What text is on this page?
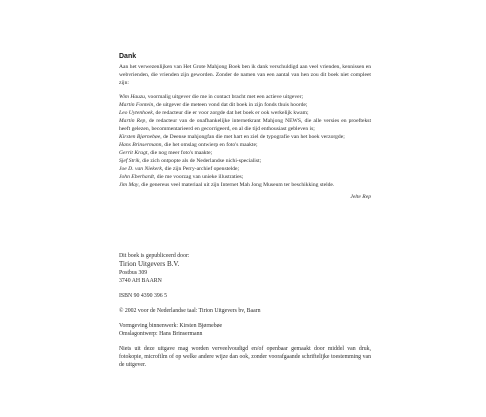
Dank

Aan het verwezenlijken van Het Grote Mahjong Boek ben ik dank verschuldigd aan veel vrienden, kennissen en webvrienden, die vrienden zijn geworden. Zonder de namen van een aantal van hen zou dit boek niet compleet zijn:

Wim Hauzu, voormalig uitgever die me in contact bracht met een actieve uitgever;
Martin Fontein, de uitgever die meteen vond dat dit boek in zijn fonds thuis hoorde;
Leo Uytenhoek, de redacteur die er voor zorgde dat het boek er ook werkelijk kwam;
Martin Rep, de redacteur van de onafhankelijke internetkrant Mahjong NEWS, die alle versies en proeftekst heeft gelezen, becommentarieerd en gecorrigeerd, en al die tijd enthousiast gebleven is;
Kirsten Bjørnebøe, de Deense mahjongfan die met hart en ziel de typografie van het boek verzorgde;
Hans Brinsermann, die het omslag ontwierp en foto's maakte;
Gerrit Kragt, die nog meer foto's maakte;
Sjef Strik, die zich ontpopte als de Nederlandse nichi-specialist;
Joe D. van Niekerk, die zijn Perry-archief openstelde;
John Eberhardt, die me voorzag van unieke illustraties;
Jim May, die genereus veel materiaal uit zijn Internet Mah Jong Museum ter beschikking stelde.
Jelte Rep

Dit boek is gepubliceerd door:

Tirion Uitgevers B.V.

Postbus 309

3740 AH BAARN

ISBN 90 4390 396 5

© 2002 voor de Nederlandse taal: Tirion Uitgevers bv, Baarn

Vormgeving binnenwerk: Kirsten Bjørnebøe

Omslagontwerp: Hans Brinsermann

Niets uit deze uitgave mag worden verveelvoudigd en/of openbaar gemaakt door middel van druk, fotokopie, microfilm of op welke andere wijze dan ook, zonder voorafgaande schriftelijke toestemming van de uitgever.
